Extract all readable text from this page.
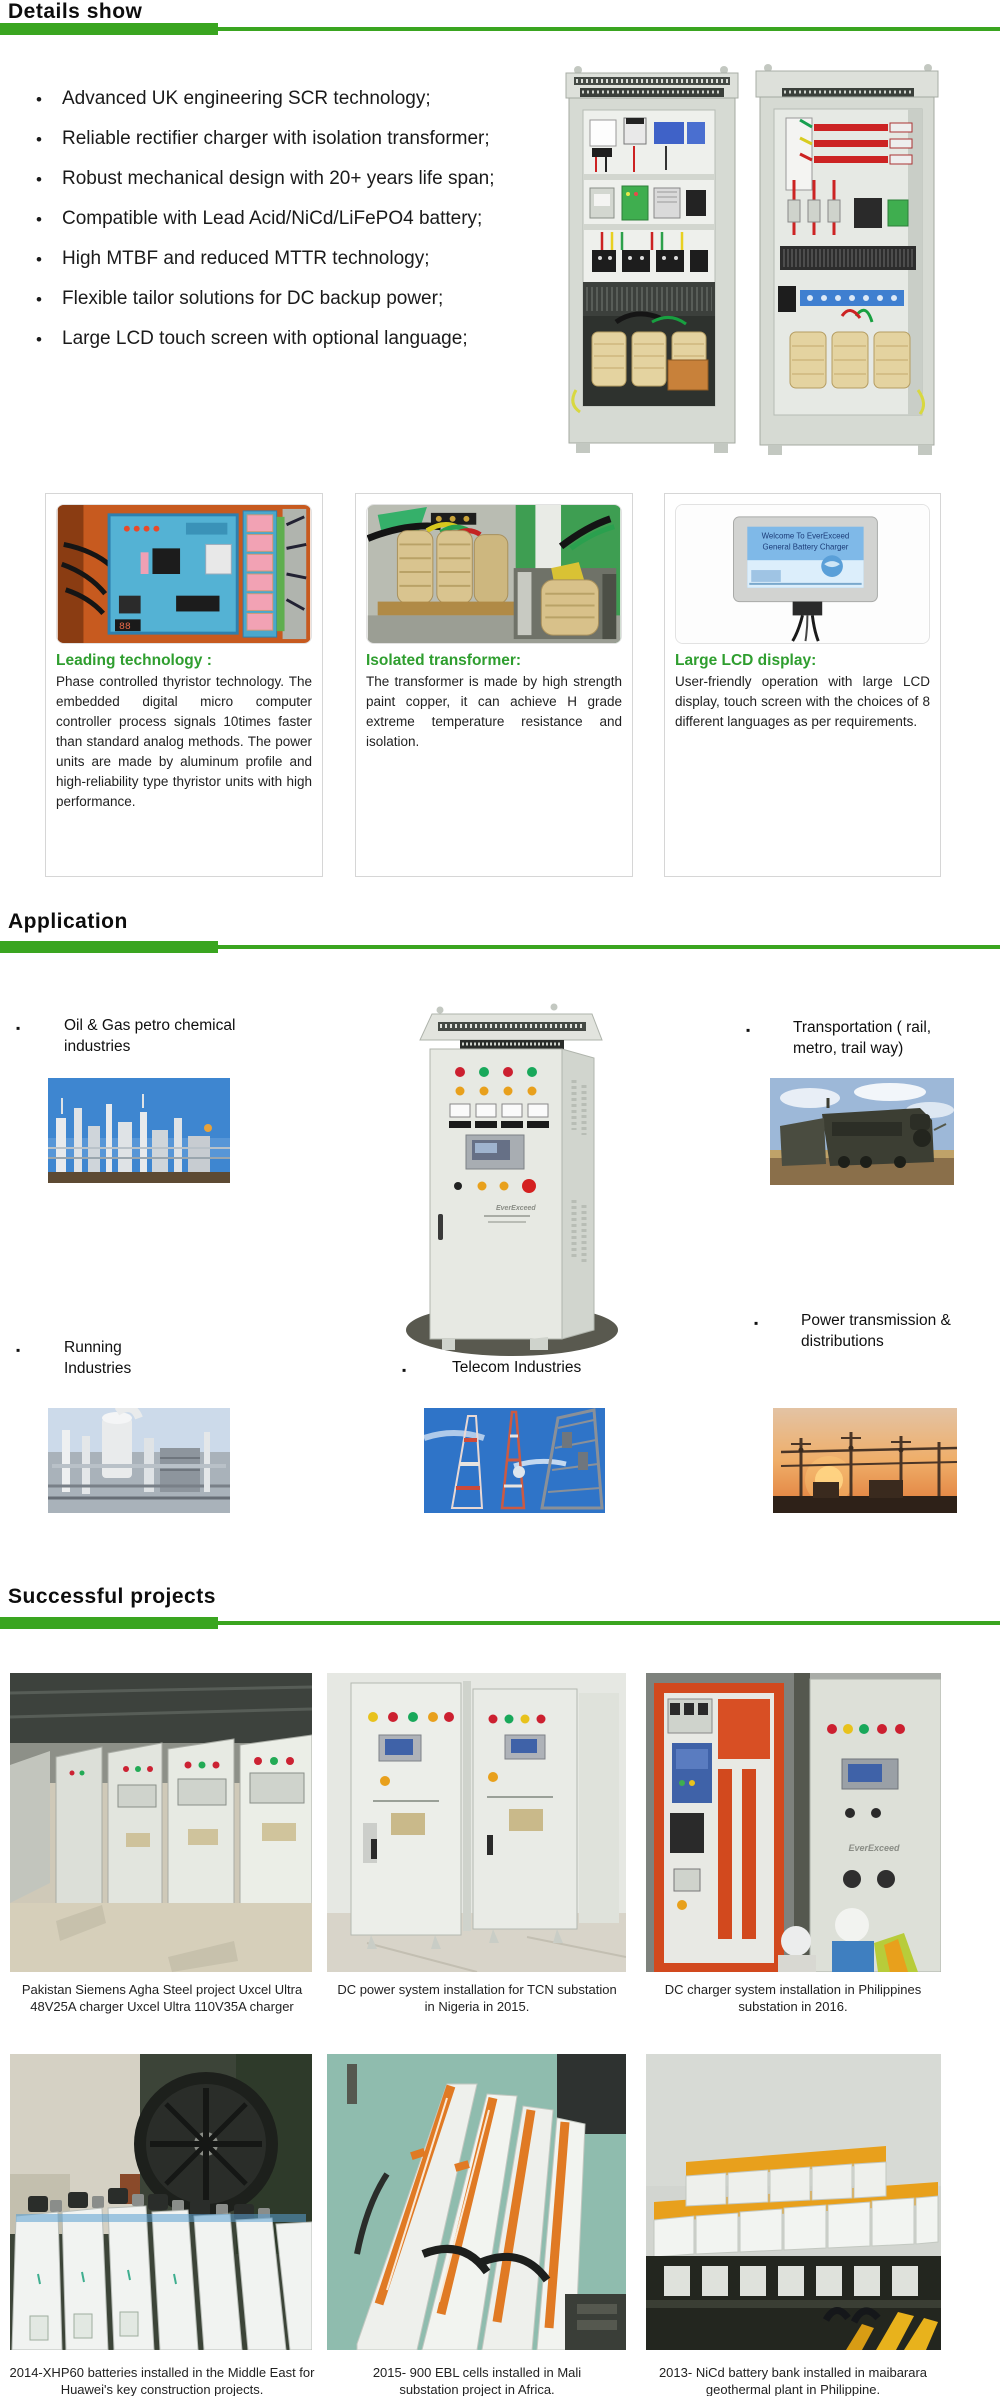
Details show
•	Advanced UK engineering SCR technology;
•	Reliable rectifier charger with isolation transformer;
•	Robust mechanical design with 20+ years life span;
•	Compatible with Lead Acid/NiCd/LiFePO4 battery;
•	High MTBF and reduced MTTR technology;
•	Flexible tailor solutions for DC backup power;
•	Large LCD touch screen with optional language;
88
Leading technology :

Phase controlled thyristor technology. The embedded digital micro computer controller process signals 10times faster than standard analog methods. The power units are made by aluminum profile and high-reliability type thyristor units with high performance.

Isolated transformer:

The transformer is made by high strength paint copper, it can achieve H grade extreme temperature resistance and isolation.

Welcome To EverExceed
General Battery Charger
Large LCD display:

User-friendly operation with large LCD display, touch screen with the choices of 8 different languages as per requirements.

Application
▪	Oil & Gas petro chemical industries
▪	Transportation ( rail, metro, trail way)
EverExceed
▪	Running Industries	▪	Telecom Industries
▪	Power transmission & distributions
Successful projects
EverExceed
Pakistan Siemens Agha Steel project Uxcel Ultra 48V25A charger Uxcel Ultra 110V35A charger
DC power system installation for TCN substation in Nigeria in 2015.
DC charger system installation in Philippines substation in 2016.
2014-XHP60 batteries installed in the Middle East for Huawei's key construction projects.
2015- 900 EBL cells installed in Mali substation project in Africa.
2013- NiCd battery bank installed in maibarara geothermal plant in Philippine.
